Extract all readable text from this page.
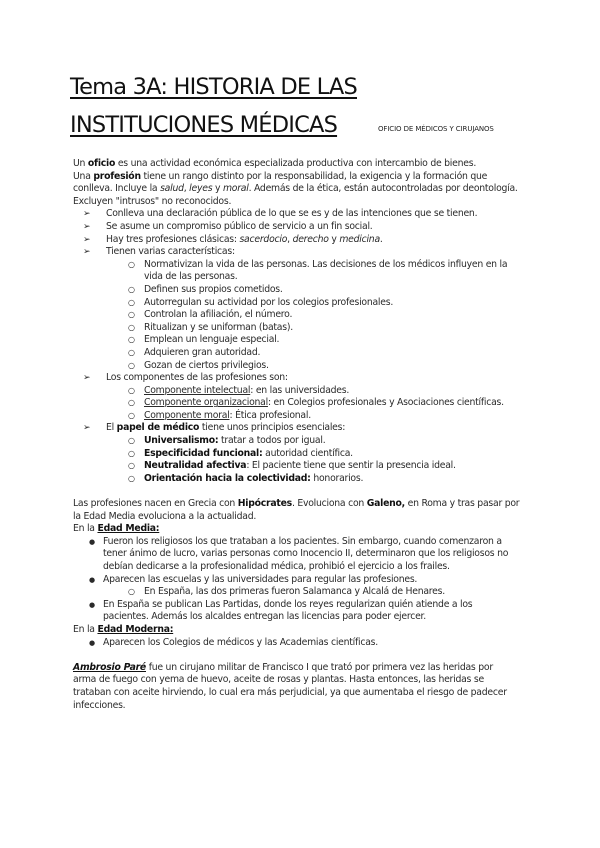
Tema 3A: HISTORIA DE LAS
INSTITUCIONES MÉDICAS	OFICIO DE MÉDICOS Y CIRUJANOS

Un oficio es una actividad económica especializada productiva con intercambio de bienes.

Una profesión tiene un rango distinto por la responsabilidad, la exigencia y la formación que

conlleva. Incluye la salud, leyes y moral. Además de la ética, están autocontroladas por deontología.

Excluyen "intrusos" no reconocidos.

➢ Conlleva una declaración pública de lo que se es y de las intenciones que se tienen.

➢ Se asume un compromiso público de servicio a un fin social.

➢ Hay tres profesiones clásicas: sacerdocio, derecho y medicina.

➢ Tienen varias características:

○ Normativizan la vida de las personas. Las decisiones de los médicos influyen en la

vida de las personas.

○ Definen sus propios cometidos.

○ Autorregulan su actividad por los colegios profesionales.

○ Controlan la afiliación, el número.

○ Ritualizan y se uniforman (batas).

○ Emplean un lenguaje especial.

○ Adquieren gran autoridad.

○ Gozan de ciertos privilegios.

➢ Los componentes de las profesiones son:

○ Componente intelectual: en las universidades.

○ Componente organizacional: en Colegios profesionales y Asociaciones científicas.

○ Componente moral: Ética profesional.

➢ El papel de médico tiene unos principios esenciales:

○ Universalismo: tratar a todos por igual.

○ Especificidad funcional: autoridad científica.

○ Neutralidad afectiva: El paciente tiene que sentir la presencia ideal.

○ Orientación hacia la colectividad: honorarios.

Las profesiones nacen en Grecia con Hipócrates. Evoluciona con Galeno, en Roma y tras pasar por

la Edad Media evoluciona a la actualidad.

En la Edad Media:

● Fueron los religiosos los que trataban a los pacientes. Sin embargo, cuando comenzaron a

tener ánimo de lucro, varias personas como Inocencio II, determinaron que los religiosos no

debían dedicarse a la profesionalidad médica, prohibió el ejercicio a los frailes.

● Aparecen las escuelas y las universidades para regular las profesiones.

○ En España, las dos primeras fueron Salamanca y Alcalá de Henares.

● En España se publican Las Partidas, donde los reyes regularizan quién atiende a los

pacientes. Además los alcaldes entregan las licencias para poder ejercer.

En la Edad Moderna:

● Aparecen los Colegios de médicos y las Academias científicas.

Ambrosio Paré fue un cirujano militar de Francisco I que trató por primera vez las heridas por

arma de fuego con yema de huevo, aceite de rosas y plantas. Hasta entonces, las heridas se

trataban con aceite hirviendo, lo cual era más perjudicial, ya que aumentaba el riesgo de padecer

infecciones.
